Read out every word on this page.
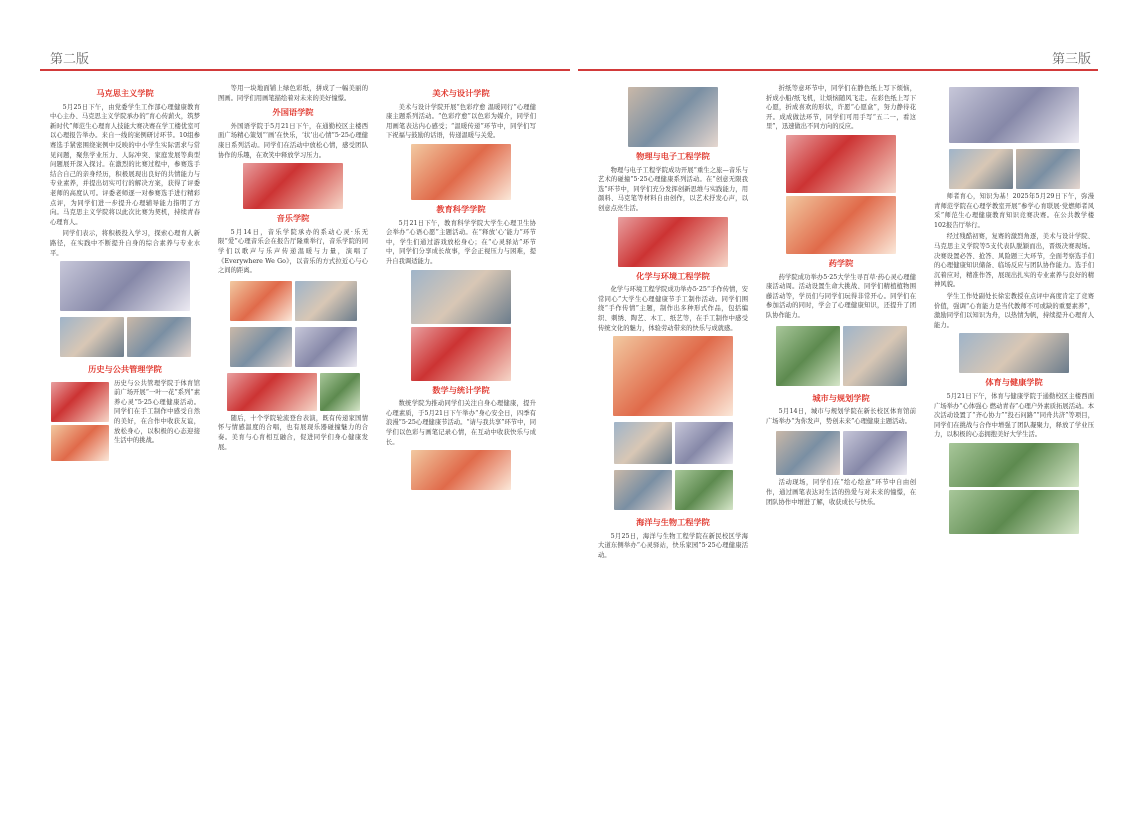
第二版	第三版
马克思主义学院

5月25日下午，由党委学生工作部心理健康教育中心主办、马克思主义学院承办的“育心传薪火，筑梦新时代”师范生心理育人技能大赛决赛在学工楼优室可以心理报告举办。来自一线的案例研讨环节。10组参赛选手紧密围绕案例中反映的中小学生实际需求与常见问题，聚焦学业压力、人际冲突、家庭发展等典型问题展开深入探讨。在激烈的比赛过程中，参赛选手结合自己的亲身经历，积极展现出良好的共情能力与专业素养，并提出切实可行的解决方案，获得了评委老师的高度认可。评委老师逐一对参赛选手进行精彩点评，为同学们进一步提升心理辅导能力指明了方向。马克思主义学院将以此次比赛为契机，持续青春心理育人。

同学们表示，将积极投入学习，探索心理育人新路径，在实践中不断提升自身的综合素养与专业水平。

历史与公共管理学院

历史与公共管理学院于体育馆前广场开展“一叶一花”系列“素养心灵”5·25心理健康活动。同学们在手工制作中感受自然的美好，在合作中收获友谊，放松身心，以积极的心态迎接生活中的挑战。

等用一块地面铺上绿色彩纸，拼成了一幅美丽的图画。同学们用画笔描绘着对未来的美好憧憬。

外国语学院

外国语学院于5月21日下午，在通勤校区主楼西面广场精心策划“‘画’在快乐，‘状’出心情”5·25心理健康日系列活动。同学们在活动中放松心情，感受团队协作的乐趣，在欢笑中释放学习压力。

音乐学院

5月14日，音乐学院承办的系动心灵·乐无限“爱”心理音乐会在报告厅隆重举行，音乐学院的同学们以歌声与乐声传递温暖与力量，演唱了《Everywhere We Go》，以音乐的方式拉近心与心之间的距离。

随后，十个学院轮流登台表演，既有传递家国情怀与情感温度的合唱，也有展现乐器碰撞魅力的合奏。美育与心育相互融合，促进同学们身心健康发展。

美术与设计学院

美术与设计学院开展“色彩疗愈 温暖同行”心理健康主题系列活动。“色彩疗愈”以色彩为媒介，同学们用画笔表达内心感受；“温暖传递”环节中，同学们写下祝福与鼓励的话语，传递温暖与关爱。

教育科学学院

5月21日下午，教育科学学院大学生心理卫生协会举办“心语心愿”主题活动。在“释放‘心’能力”环节中，学生们通过游戏放松身心；在“心灵驿站”环节中，同学们分享成长故事，学会正视压力与困难，提升自我调适能力。

数学与统计学院

数统学院为推动同学们关注自身心理健康，提升心理素质，于5月21日下午举办“身心安全日，四季有浪漫”5·25心理健康节活动。“请与我共享”环节中，同学们以色彩与画笔记录心情，在互动中收获快乐与成长。

物理与电子工程学院

物理与电子工程学院成功开展“重生之旅—音乐与艺术的碰撞”5·25心理健康系列活动。在“创意无限我选”环节中，同学们充分发挥创新思维与实践能力，用颜料、马克笔等材料自由创作，以艺术抒发心声，以创意点亮生活。

化学与环境工程学院

化学与环境工程学院成功举办5·25“手作传情，安常同心”大学生心理健康节手工制作活动。同学们围绕“手作传情”主题，制作出多种形式作品，包括编织、刺绣、陶艺、木工、纸艺等，在手工制作中感受传统文化的魅力，体验劳动带来的快乐与成就感。

海洋与生物工程学院

5月25日，海洋与生物工程学院在新民校区学海大道东侧举办“心灵驿站，快乐家园”5·25心理健康活动。

折纸等意环节中，同学们在静色纸上写下烦恼，折成小船/纸飞机，让烦恼随风飞走。在彩色纸上写下心愿，折成喜欢的形状，许愿“心愿盒”，努力静待花开。成成做法环节，同学们可用手写“五二一，看这里”，迅速做出不同方向的反应。

药学院

药学院成功举办5·25大学生寻百草·药心灵心理健康活动周。活动设置生命大挑战、同学们精植植物围藤活动等，学员们与同学们玩得非常开心。同学们在参加活动的同时，学会了心理健康知识，还提升了团队协作能力。

城市与规划学院

5月14日，城市与规划学院在新长校区体育馆前广场举办“为你发声，势创未来”心理健康主题活动。

活动现场，同学们在“绘心绘意”环节中自由创作，通过画笔表达对生活的热爱与对未来的憧憬，在团队协作中增进了解，收获成长与快乐。

师者育心，知识为基！2025年5月29日下午，弥漫青师范学院在心理学教室开展“参学心育联展·党燃师者风采”师范生心理健康教育知识竞赛决赛。在公共教学楼102报告厅举行。

经过残酷初赛，复赛的激烈角逐，美术与设计学院、马克思主义学院等5支代表队脱颖而出，晋级决赛现场。决赛设置必答、抢答、风险题三大环节，全面考察选手们的心理健康知识储备、临场反应与团队协作能力。选手们沉着应对，精准作答，展现出扎实的专业素养与良好的精神风貌。

学生工作处副处长徐宏教授在点评中高度肯定了竞赛价值，强调“心育能力是当代教师不可或缺的重要素养”，激励同学们以知识为舟，以热情为帆，持续提升心理育人能力。

体育与健康学院

5月21日下午，体育与健康学院于通勤校区主楼西面广场举办“心体强心 燃动青春”心理户外素质拓展活动。本次活动设置了“齐心协力”“投石问路”“同舟共济”等项目，同学们在挑战与合作中增强了团队凝聚力，释放了学业压力，以积极的心态拥抱美好大学生活。
